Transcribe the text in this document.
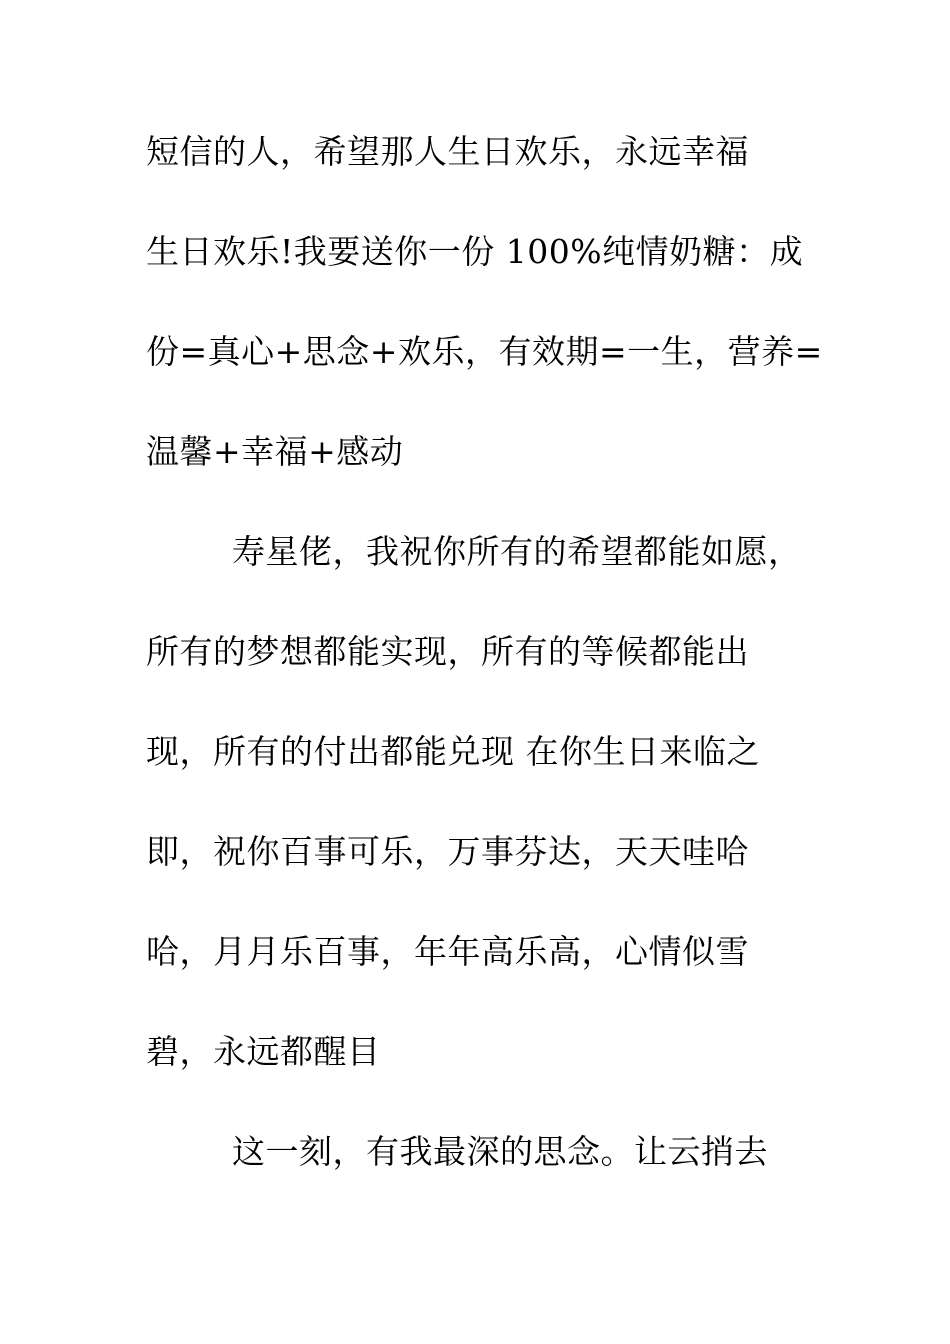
短信的人，希望那人生日欢乐，永远幸福
生日欢乐!我要送你一份 100%纯情奶糖：成
份=真心+思念+欢乐，有效期=一生，营养=
温馨+幸福+感动
寿星佬，我祝你所有的希望都能如愿，
所有的梦想都能实现，所有的等候都能出
现，所有的付出都能兑现 在你生日来临之
即，祝你百事可乐，万事芬达，天天哇哈
哈，月月乐百事，年年高乐高，心情似雪
碧，永远都醒目
这一刻，有我最深的思念。让云捎去
